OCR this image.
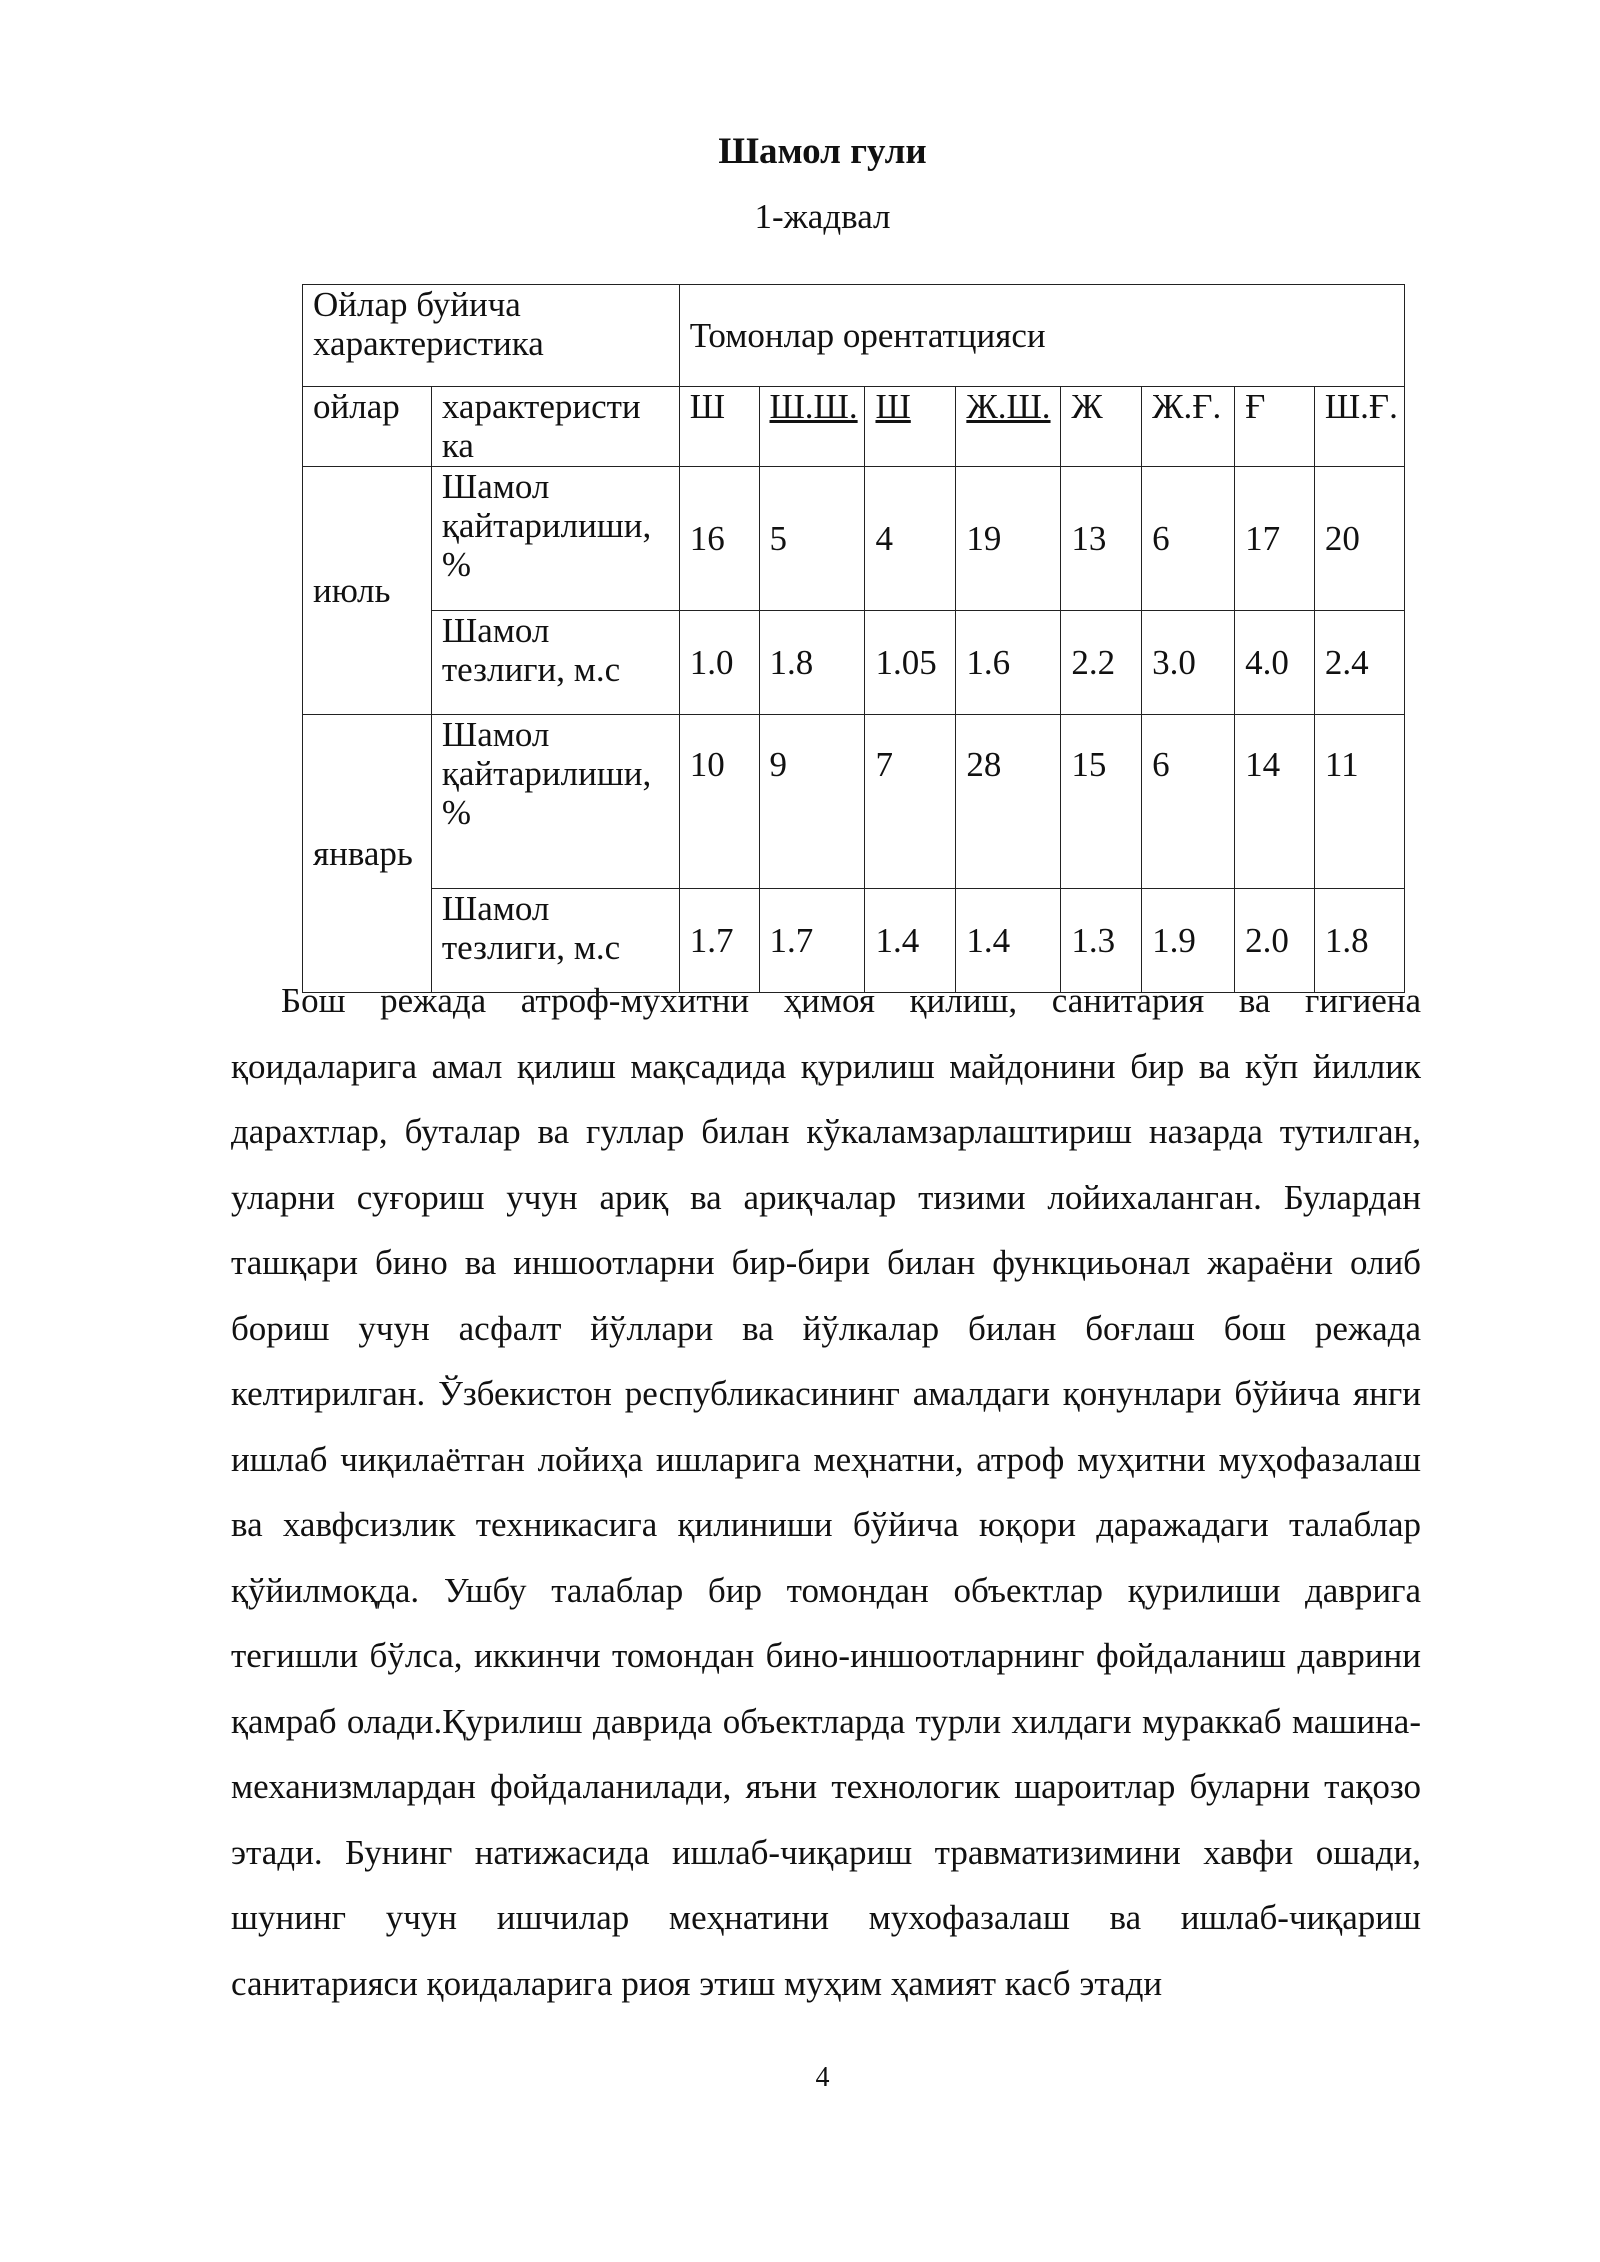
Шамол гули
1-жадвал
Ойлар буйича характеристика		Томонлар орентатцияси							
ойлар	характеристи ка	Ш	Ш.Ш.	Ш	Ж.Ш.	Ж	Ж.Ғ.	Ғ	Ш.Ғ.
июль	Шамол қайтарилиши, %	16	5	4	19	13	6	17	20
	Шамол тезлиги, м.с	1.0	1.8	1.05	1.6	2.2	3.0	4.0	2.4
январь	Шамол қайтарилиши, %	10	9	7	28	15	6	14	11
	Шамол тезлиги, м.с	1.7	1.7	1.4	1.4	1.3	1.9	2.0	1.8
Бош режада атроф-мухитни ҳимоя қилиш, санитария ва гигиена қоидаларига амал қилиш мақсадида қурилиш майдонини бир ва кўп йиллик дарахтлар, буталар ва гуллар билан кўкаламзарлаштириш назарда тутилган, уларни суғориш учун ариқ ва ариқчалар тизими лойихаланган. Булардан ташқари бино ва иншоотларни бир-бири билан функциьонал жараёни олиб бориш учун асфалт йўллари ва йўлкалар билан боғлаш бош режада келтирилган. Ўзбекистон республикасининг амалдаги қонунлари бўйича янги ишлаб чиқилаётган лойиҳа ишларига меҳнатни, атроф муҳитни муҳофазалаш ва хавфсизлик техникасига қилиниши бўйича юқори даражадаги талаблар қўйилмоқда. Ушбу талаблар бир томондан объектлар қурилиши даврига тегишли бўлса, иккинчи томондан бино-иншоотларнинг фойдаланиш даврини қамраб олади.Қурилиш даврида объектларда турли хилдаги мураккаб машина- механизмлардан фойдаланилади, яъни технологик шароитлар буларни тақозо этади. Бунинг натижасида ишлаб-чиқариш травматизимини хавфи ошади, шунинг учун ишчилар меҳнатини мухофазалаш ва ишлаб-чиқариш санитарияси қоидаларига риоя этиш муҳим ҳамият касб этади
4
